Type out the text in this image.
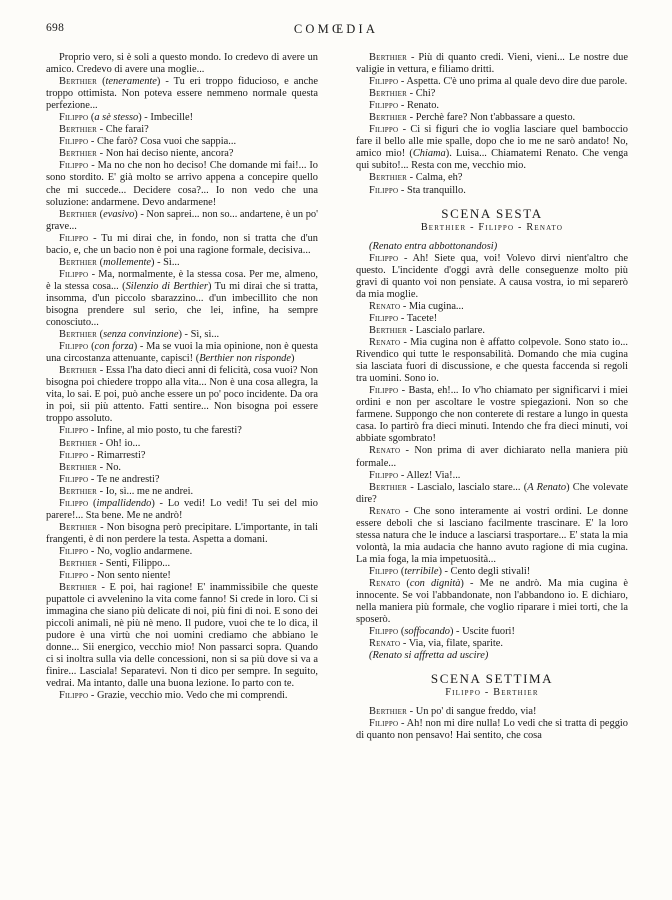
698	COMŒDIA

Proprio vero, si è soli a questo mondo. Io credevo di avere un amico. Credevo di avere una moglie...

Berthier (teneramente) - Tu eri troppo fiducioso, e anche troppo ottimista. Non poteva essere nemmeno normale questa perfezione...

Filippo (a sè stesso) - Imbecille!

Berthier - Che farai?

Filippo - Che farò? Cosa vuoi che sappia...

Berthier - Non hai deciso niente, ancora?

Filippo - Ma no che non ho deciso! Che domande mi fai!... Io sono stordito. E' già molto se arrivo appena a concepire quello che mi succede... Decidere cosa?... Io non vedo che una soluzione: andarmene. Devo andarmene!

Berthier (evasivo) - Non saprei... non so... andartene, è un po' grave...

Filippo - Tu mi dirai che, in fondo, non si tratta che d'un bacio, e, che un bacio non è poi una ragione formale, decisiva...

Berthier (mollemente) - Sì...

Filippo - Ma, normalmente, è la stessa cosa. Per me, almeno, è la stessa cosa... (Silenzio di Berthier) Tu mi dirai che si tratta, insomma, d'un piccolo sbarazzino... d'un imbecillito che non bisogna prendere sul serio, che lei, infine, ha sempre conosciuto...

Berthier (senza convinzione) - Sì, sì...

Filippo (con forza) - Ma se vuoi la mia opinione, non è questa una circostanza attenuante, capisci! (Berthier non risponde)

Berthier - Essa l'ha dato dieci anni di felicità, cosa vuoi? Non bisogna poi chiedere troppo alla vita... Non è una cosa allegra, la vita, lo sai. E poi, può anche essere un po' poco incidente. Da ora in poi, sii più attento. Fatti sentire... Non bisogna poi essere troppo assoluto.

Filippo - Infine, al mio posto, tu che faresti?

Berthier - Oh! io...

Filippo - Rimarresti?

Berthier - No.

Filippo - Te ne andresti?

Berthier - Io, sì... me ne andrei.

Filippo (impallidendo) - Lo vedi! Lo vedi! Tu sei del mio parere!... Sta bene. Me ne andrò!

Berthier - Non bisogna però precipitare. L'importante, in tali frangenti, è di non perdere la testa. Aspetta a domani.

Filippo - No, voglio andarmene.

Berthier - Senti, Filippo...

Filippo - Non sento niente!

Berthier - E poi, hai ragione! E' inammissibile che queste pupattole ci avvelenino la vita come fanno! Si crede in loro. Ci si immagina che siano più delicate di noi, più fini di noi. E sono dei piccoli animali, nè più nè meno. Il pudore, vuoi che te lo dica, il pudore è una virtù che noi uomini crediamo che abbiano le donne... Sii energico, vecchio mio! Non passarci sopra. Quando ci si inoltra sulla via delle concessioni, non si sa più dove si va a finire... Lasciala! Separatevi. Non ti dico per sempre. In seguito, vedrai. Ma intanto, dalle una buona lezione. Io parto con te.

Filippo - Grazie, vecchio mio. Vedo che mi comprendi.

Berthier - Più di quanto credi. Vieni, vieni... Le nostre due valigie in vettura, e filiamo dritti.

Filippo - Aspetta. C'è uno prima al quale devo dire due parole.

Berthier - Chi?

Filippo - Renato.

Berthier - Perchè fare? Non t'abbassare a questo.

Filippo - Ci si figuri che io voglia lasciare quel bamboccio fare il bello alle mie spalle, dopo che io me ne sarò andato! No, amico mio! (Chiama). Luisa... Chiamatemi Renato. Che venga qui subito!... Resta con me, vecchio mio.

Berthier - Calma, eh?

Filippo - Sta tranquillo.

SCENA SESTA

Berthier - Filippo - Renato

(Renato entra abbottonandosi)

Filippo - Ah! Siete qua, voi! Volevo dirvi nient'altro che questo. L'incidente d'oggi avrà delle conseguenze molto più gravi di quanto voi non pensiate. A causa vostra, io mi separerò da mia moglie.

Renato - Mia cugina...

Filippo - Tacete!

Berthier - Lascialo parlare.

Renato - Mia cugina non è affatto colpevole. Sono stato io... Rivendico qui tutte le responsabilità. Domando che mia cugina sia lasciata fuori di discussione, e che questa faccenda si regoli tra uomini. Sono io.

Filippo - Basta, eh!... Io v'ho chiamato per significarvi i miei ordini e non per ascoltare le vostre spiegazioni. Non so che farmene. Suppongo che non conterete di restare a lungo in questa casa. Io partirò fra dieci minuti. Intendo che fra dieci minuti, voi abbiate sgombrato!

Renato - Non prima di aver dichiarato nella maniera più formale...

Filippo - Allez! Via!...

Berthier - Lascialo, lascialo stare... (A Renato) Che volevate dire?

Renato - Che sono interamente ai vostri ordini. Le donne essere deboli che si lasciano facilmente trascinare. E' la loro stessa natura che le induce a lasciarsi trasportare... E' stata la mia volontà, la mia audacia che hanno avuto ragione di mia cugina. La mia foga, la mia impetuosità...

Filippo (terribile) - Cento degli stivali!

Renato (con dignità) - Me ne andrò. Ma mia cugina è innocente. Se voi l'abbandonate, non l'abbandono io. E dichiaro, nella maniera più formale, che voglio riparare i miei torti, che la sposerò.

Filippo (soffocando) - Uscite fuori!

Renato - Via, via, filate, sparite.

(Renato si affretta ad uscire)

SCENA SETTIMA

Filippo - Berthier

Berthier - Un po' di sangue freddo, via!

Filippo - Ah! non mi dire nulla! Lo vedi che si tratta di peggio di quanto non pensavo! Hai sentito, che cosa
